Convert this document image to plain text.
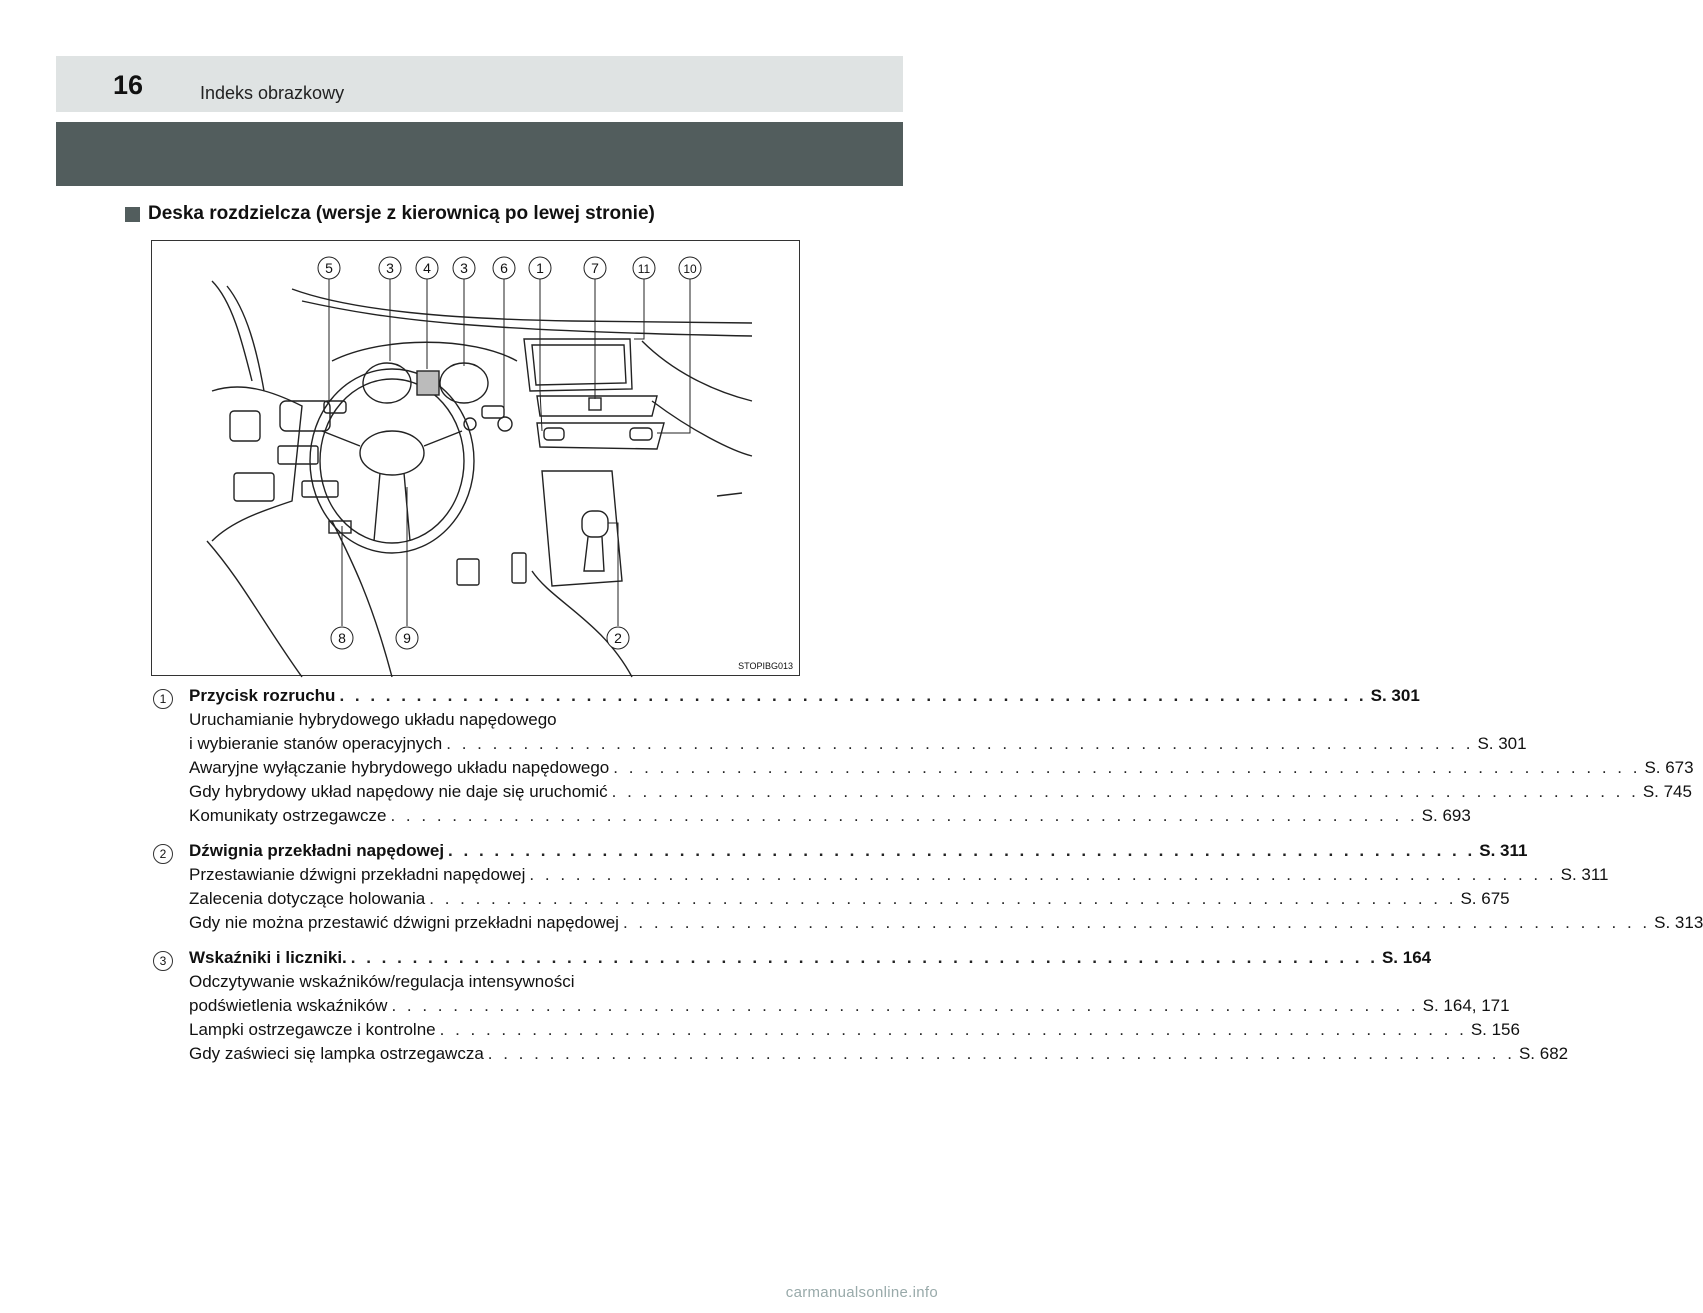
16	Indeks obrazkowy
Deska rozdzielcza (wersje z kierownicą po lewej stronie)
5	3 4 3 6 1	7	11	10
8	9	2
STOPIBG013
1	Przycisk rozruchu . . .	S. 301
Uruchamianie hybrydowego układu napędowego
i wybieranie stanów operacyjnych . . .	S. 301
Awaryjne wyłączanie hybrydowego układu napędowego . . .	S. 673
Gdy hybrydowy układ napędowy nie daje się uruchomić . . .	S. 745
Komunikaty ostrzegawcze . . .	S. 693
2	Dźwignia przekładni napędowej . . .	S. 311
Przestawianie dźwigni przekładni napędowej . . .	S. 311
Zalecenia dotyczące holowania . . .	S. 675
Gdy nie można przestawić dźwigni przekładni napędowej . . .	S. 313
3	Wskaźniki i liczniki. . . .	S. 164
Odczytywanie wskaźników/regulacja intensywności
podświetlenia wskaźników . . .	S. 164, 171
Lampki ostrzegawcze i kontrolne . . .	S. 156
Gdy zaświeci się lampka ostrzegawcza . . .	S. 682
carmanualsonline.info
